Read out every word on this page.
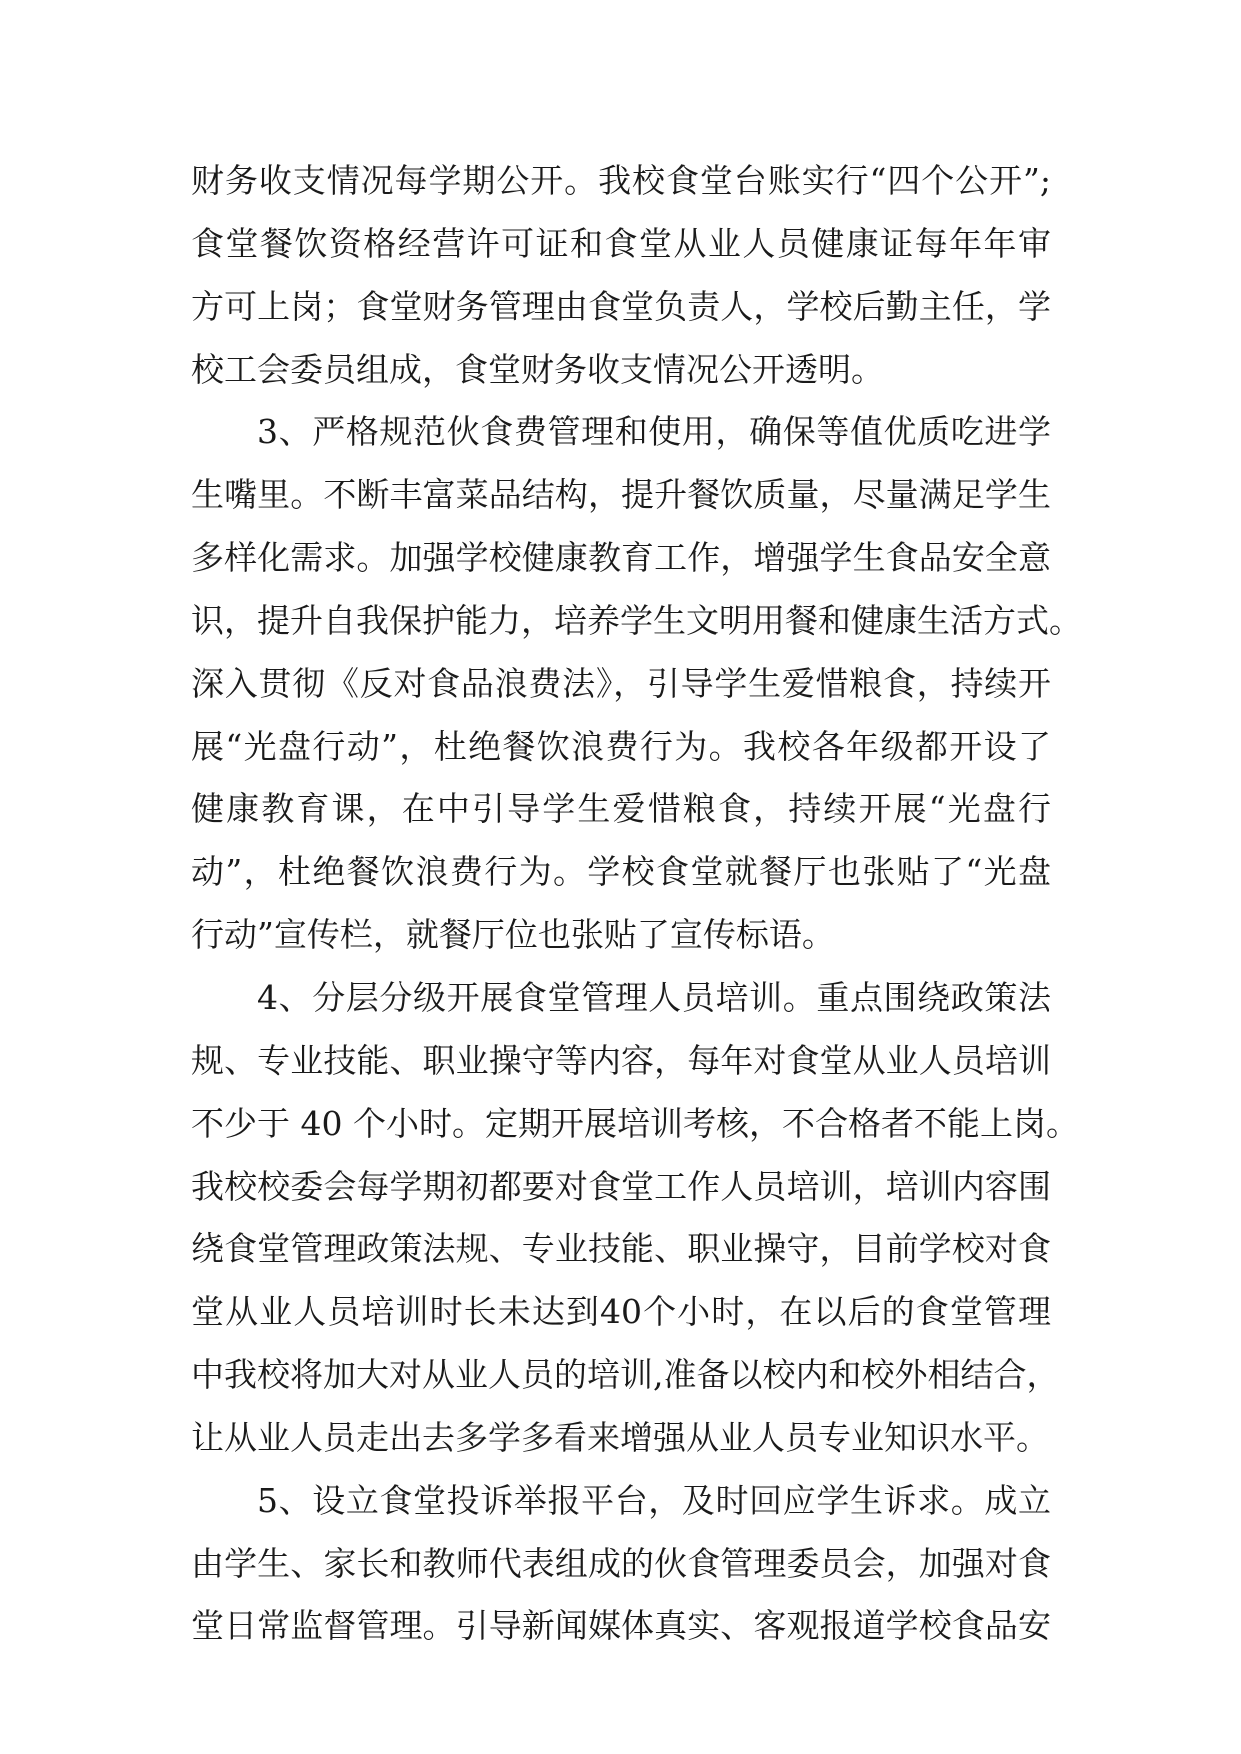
财务收支情况每学期公开。我校食堂台账实行“四个公开”;
食堂餐饮资格经营许可证和食堂从业人员健康证每年年审
方可上岗；食堂财务管理由食堂负责人，学校后勤主任，学
校工会委员组成，食堂财务收支情况公开透明。
3、严格规范伙食费管理和使用，确保等值优质吃进学
生嘴里。不断丰富菜品结构，提升餐饮质量，尽量满足学生
多样化需求。加强学校健康教育工作，增强学生食品安全意
识，提升自我保护能力，培养学生文明用餐和健康生活方式。
深入贯彻《反对食品浪费法》，引导学生爱惜粮食，持续开
展“光盘行动”，杜绝餐饮浪费行为。我校各年级都开设了
健康教育课，在中引导学生爱惜粮食，持续开展“光盘行
动”，杜绝餐饮浪费行为。学校食堂就餐厅也张贴了“光盘
行动”宣传栏，就餐厅位也张贴了宣传标语。
4、分层分级开展食堂管理人员培训。重点围绕政策法
规、专业技能、职业操守等内容，每年对食堂从业人员培训
不少于 40 个小时。定期开展培训考核，不合格者不能上岗。
我校校委会每学期初都要对食堂工作人员培训，培训内容围
绕食堂管理政策法规、专业技能、职业操守，目前学校对食
堂从业人员培训时长未达到40个小时，在以后的食堂管理
中我校将加大对从业人员的培训,准备以校内和校外相结合，
让从业人员走出去多学多看来增强从业人员专业知识水平。
5、设立食堂投诉举报平台，及时回应学生诉求。成立
由学生、家长和教师代表组成的伙食管理委员会，加强对食
堂日常监督管理。引导新闻媒体真实、客观报道学校食品安
